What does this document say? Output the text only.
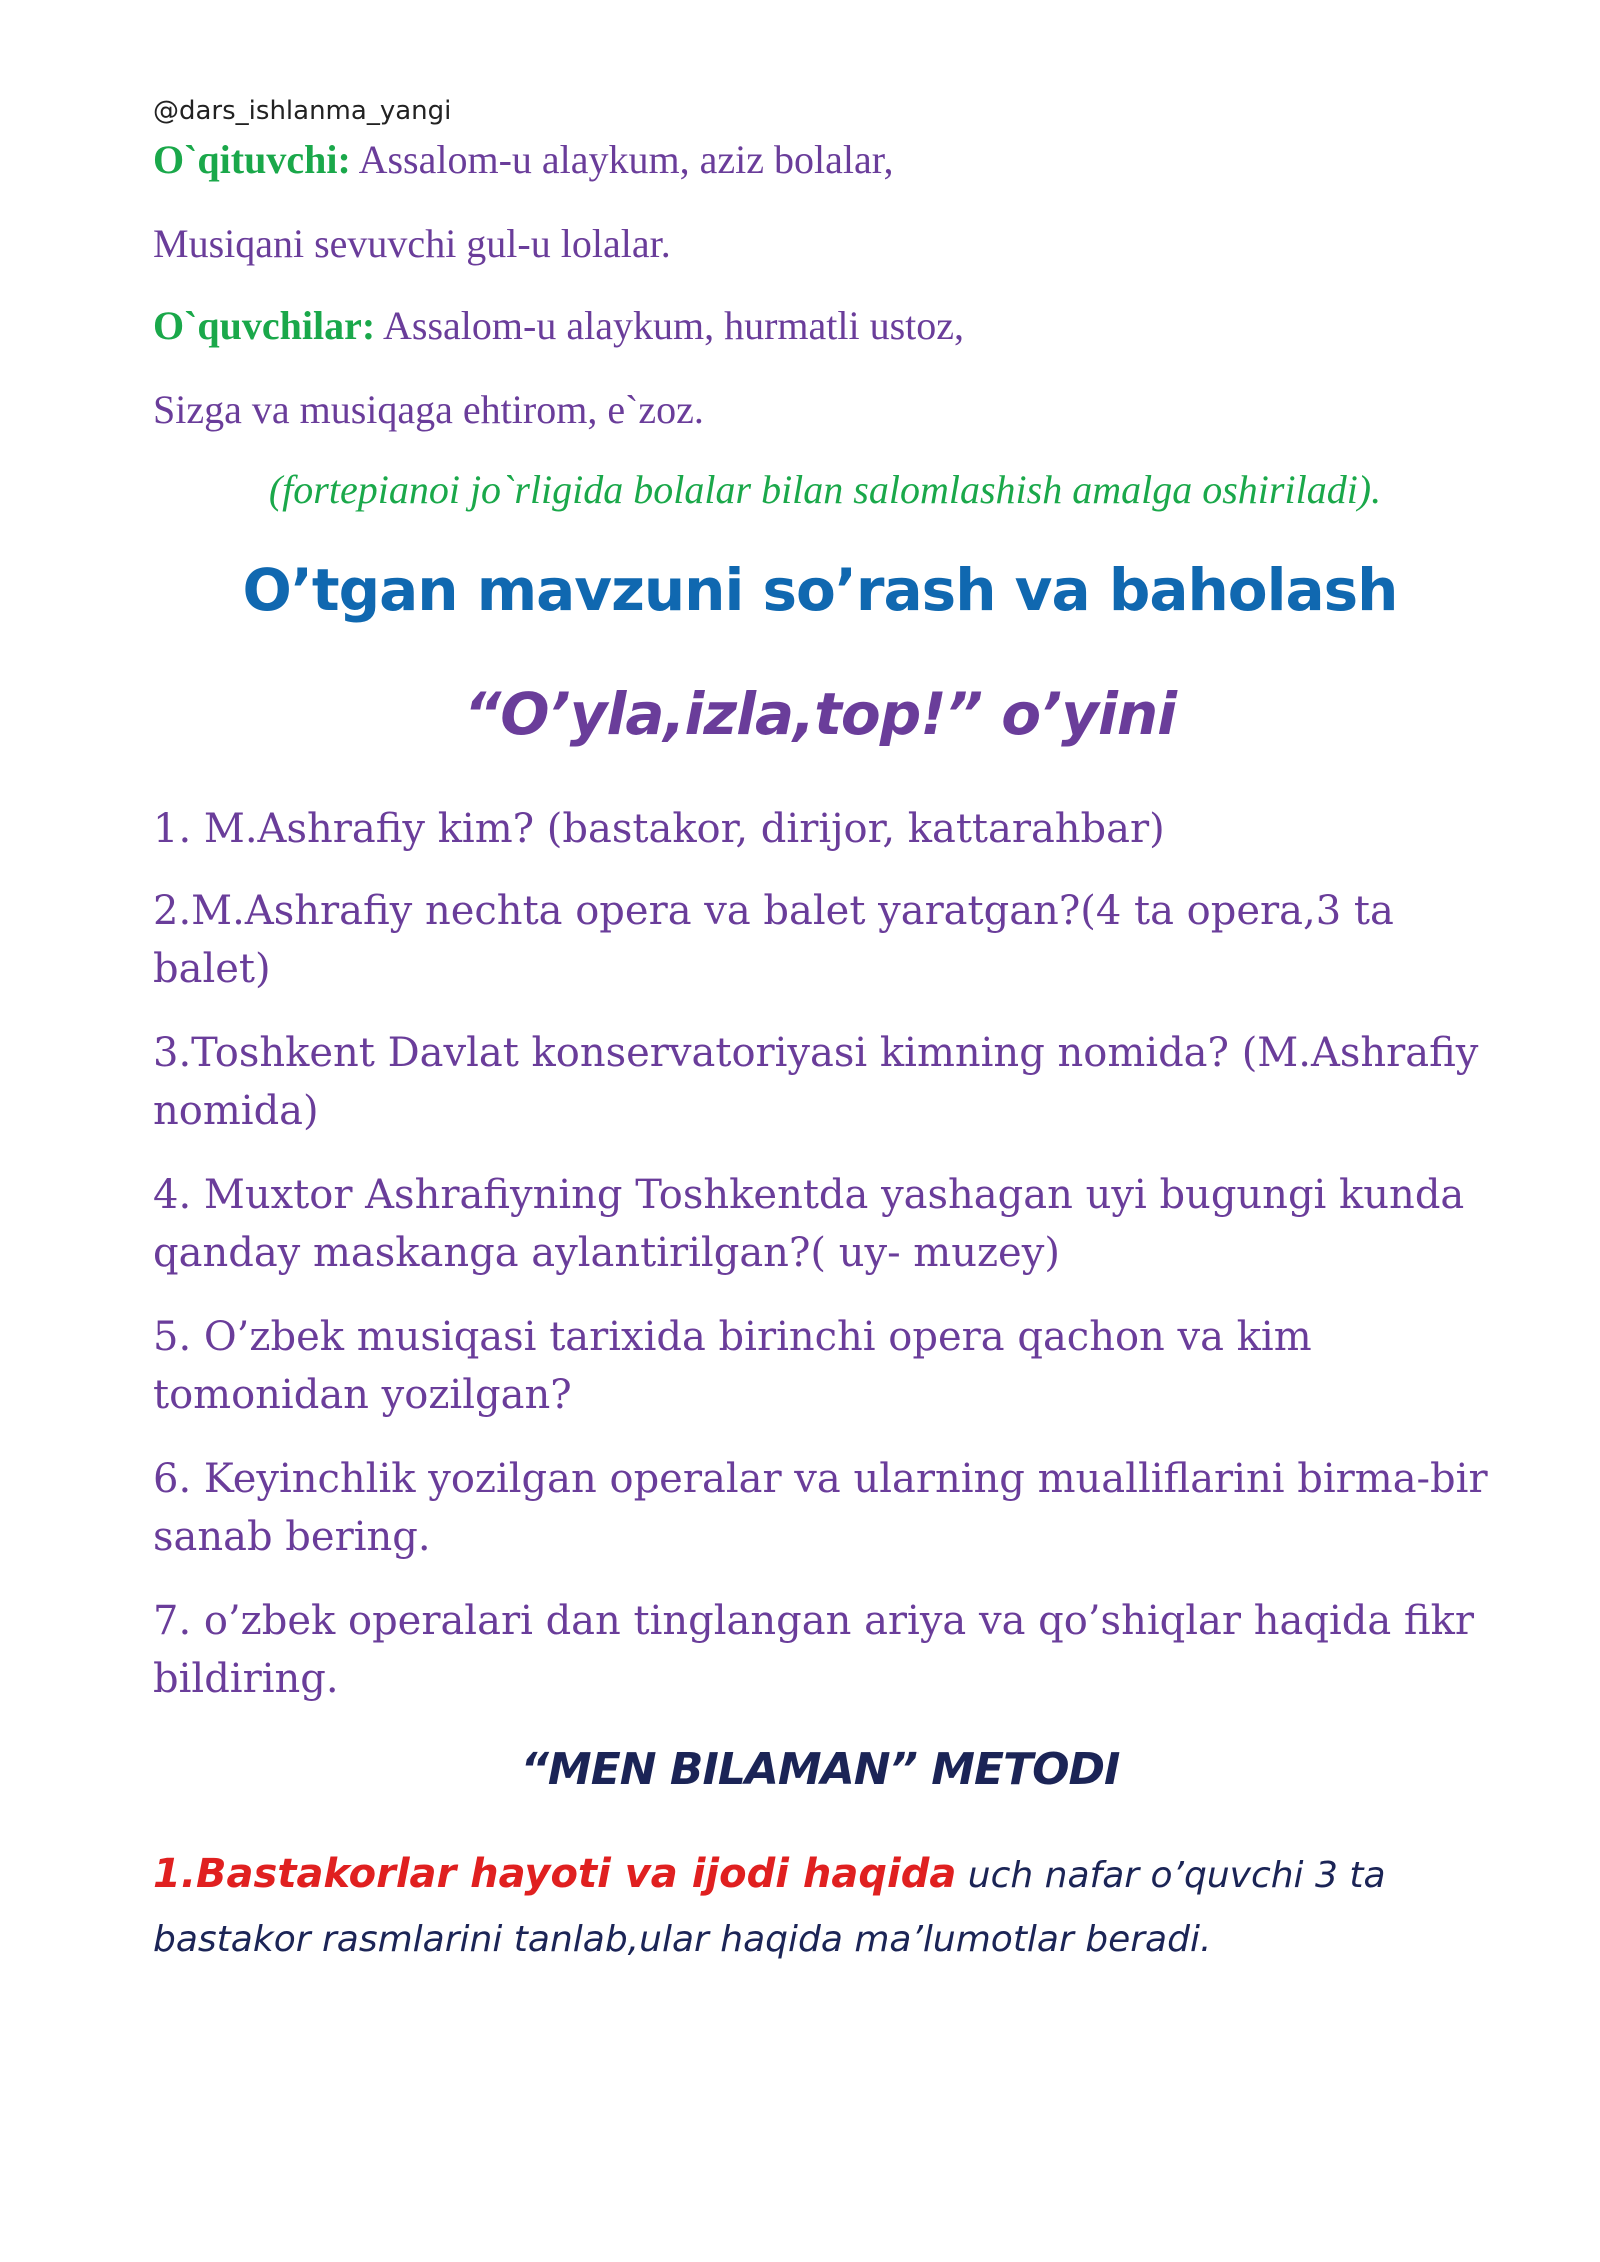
@dars_ishlanma_yangi
O`qituvchi: Assalom-u alaykum, aziz bolalar,
Musiqani sevuvchi gul-u lolalar.
O`quvchilar: Assalom-u alaykum, hurmatli ustoz,
Sizga va musiqaga ehtirom, e`zoz.
(fortepianoi jo`rligida bolalar bilan salomlashish amalga oshiriladi).
O’tgan mavzuni so’rash va baholash
“O’yla,izla,top!” o’yini
1. M.Ashrafiy kim? (bastakor, dirijor, kattarahbar)
2.M.Ashrafiy nechta opera va balet yaratgan?(4 ta opera,3 ta balet)
3.Toshkent Davlat konservatoriyasi kimning nomida? (M.Ashrafiy nomida)
4. Muxtor Ashrafiyning Toshkentda yashagan uyi bugungi kunda qanday maskanga aylantirilgan?( uy- muzey)
5. O’zbek musiqasi tarixida birinchi opera qachon va kim tomonidan yozilgan?
6. Keyinchlik yozilgan operalar va ularning mualliflarini birma-bir sanab bering.
7. o’zbek operalari dan tinglangan ariya va qo’shiqlar haqida fikr bildiring.
“MEN BILAMAN” METODI
1.Bastakorlar hayoti va ijodi haqida uch nafar o’quvchi 3 ta bastakor rasmlarini tanlab,ular haqida ma’lumotlar beradi.
